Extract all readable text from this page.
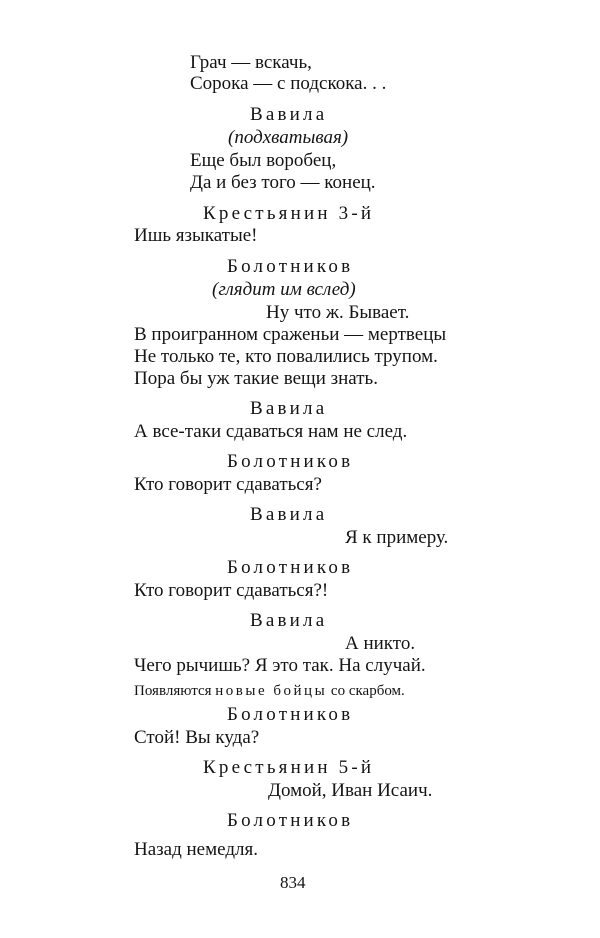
Грач — вскачь,
Сорока — с подскока. . .
Вавила
(подхватывая)
Еще был воробец,
Да и без того — конец.
Крестьянин 3-й
Ишь языкатые!
Болотников
(глядит им вслед)
Ну что ж. Бывает.
В проигранном сраженьи — мертвецы
Не только те, кто повалились трупом.
Пора бы уж такие вещи знать.
Вавила
А все-таки сдаваться нам не след.
Болотников
Кто говорит сдаваться?
Вавила
Я к примеру.
Болотников
Кто говорит сдаваться?!
Вавила
А никто.
Чего рычишь? Я это так. На случай.
Появляются новые бойцы со скарбом.
Болотников
Стой! Вы куда?
Крестьянин 5-й
Домой, Иван Исаич.
Болотников
Назад немедля.
834
